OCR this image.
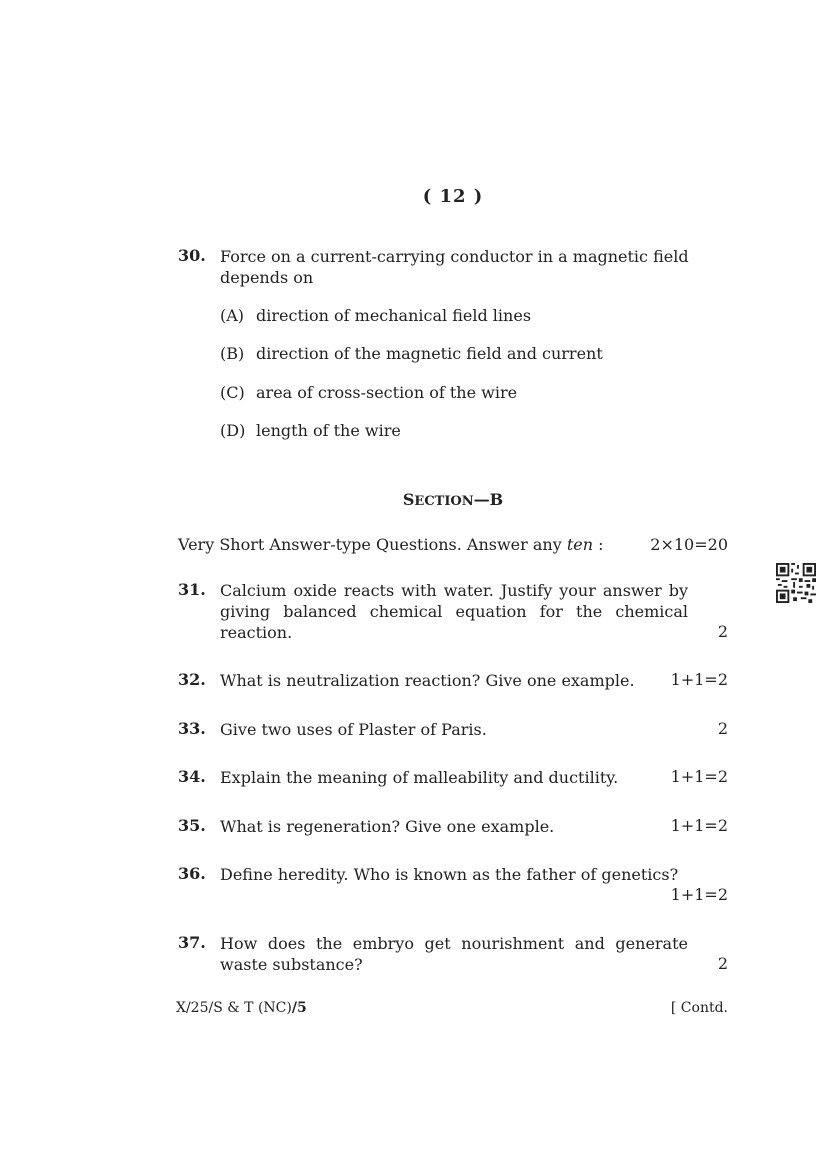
( 12 )
30. Force on a current-carrying conductor in a magnetic field
depends on
(A) direction of mechanical field lines
(B) direction of the magnetic field and current
(C) area of cross-section of the wire
(D) length of the wire
SECTION—B
Very Short Answer-type Questions. Answer any ten :	2×10=20
31. Calcium oxide reacts with water. Justify your answer by
giving balanced chemical equation for the chemical
reaction.	2
32. What is neutralization reaction? Give one example.	1+1=2
33. Give two uses of Plaster of Paris.	2
34. Explain the meaning of malleability and ductility.	1+1=2
35. What is regeneration? Give one example.	1+1=2
36. Define heredity. Who is known as the father of genetics?
1+1=2
37. How does the embryo get nourishment and generate
waste substance?	2
X/25/S & T (NC)/5	[ Contd.
